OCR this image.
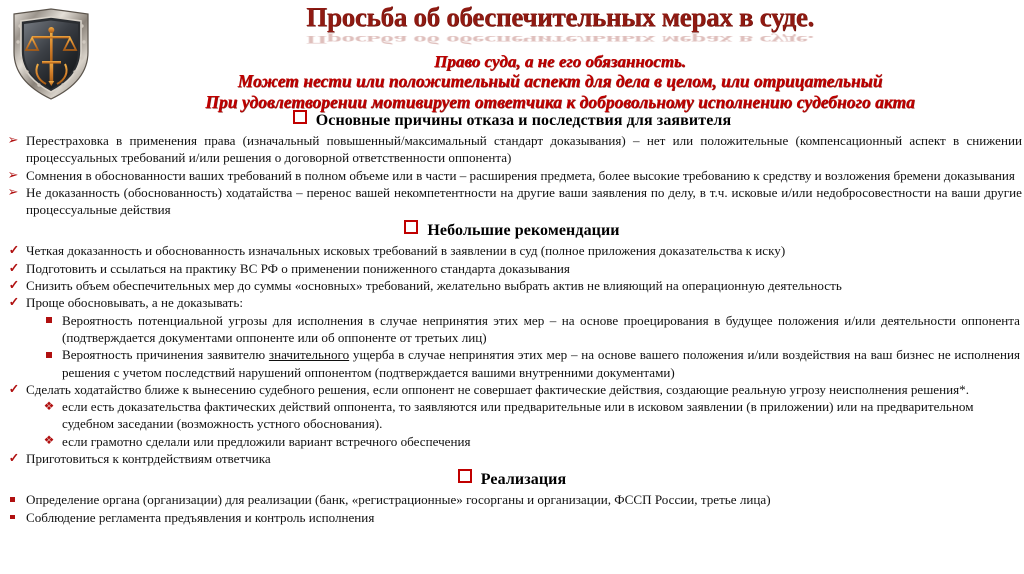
Просьба об обеспечительных мерах в суде.
Просьба об обеспечительных мерах в суде.
Право суда, а не его обязанность.
Может нести или положительный аспект для дела в целом, или отрицательный
При удовлетворении мотивирует ответчика к добровольному исполнению судебного акта
Основные причины отказа и последствия для заявителя
➢ Перестраховка в применения права (изначальный повышенный/максимальный стандарт доказывания) – нет или положительные (компенсационный аспект в снижении процессуальных требований и/или решения о договорной ответственности оппонента)
➢ Сомнения в обоснованности ваших требований в полном объеме или в части – расширения предмета, более высокие требованию к средству и возложения бремени доказывания
➢ Не доказанность (обоснованность) ходатайства – перенос вашей некомпетентности на другие ваши заявления по делу, в т.ч. исковые и/или недобросовестности на ваши другие процессуальные действия
Небольшие рекомендации
✓ Четкая доказанность и обоснованность изначальных исковых требований в заявлении в суд (полное приложения доказательства к иску)
✓ Подготовить и ссылаться на практику ВС РФ о применении пониженного стандарта доказывания
✓ Снизить объем обеспечительных мер до суммы «основных» требований, желательно выбрать актив не влияющий на операционную деятельность
✓ Проще обосновывать, а не доказывать:
Вероятность потенциальной угрозы для исполнения в случае непринятия этих мер – на основе проецирования в будущее положения и/или деятельности оппонента (подтверждается документами оппоненте или об оппоненте от третьих лиц)
Вероятность причинения заявителю значительного ущерба в случае непринятия этих мер – на основе вашего положения и/или воздействия на ваш бизнес не исполнения решения с учетом последствий нарушений оппонентом (подтверждается вашими внутренними документами)
✓ Сделать ходатайство ближе к вынесению судебного решения, если оппонент не совершает фактические действия, создающие реальную угрозу неисполнения решения*.
❖ если есть доказательства фактических действий оппонента, то заявляются или предварительные или в исковом заявлении (в приложении) или на предварительном судебном заседании (возможность устного обоснования).
❖ если грамотно сделали или предложили вариант встречного обеспечения
✓ Приготовиться к контрдействиям ответчика
Реализация
Определение органа (организации) для реализации (банк, «регистрационные» госорганы и организации, ФССП России, третье лица)
Соблюдение регламента предъявления и контроль исполнения
